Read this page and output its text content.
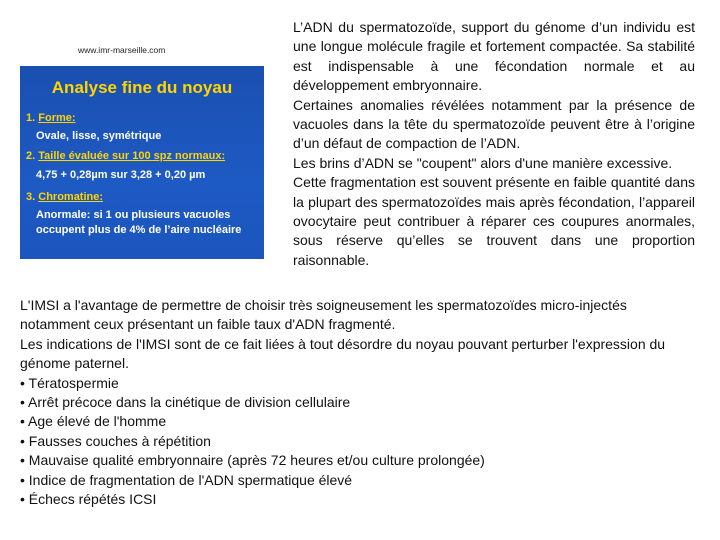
www.imr-marseille.com
Analyse fine du noyau
1. Forme:
Ovale, lisse, symétrique
2. Taille évaluée sur 100 spz normaux:
4,75 + 0,28µm sur 3,28 + 0,20 µm
3. Chromatine:
Anormale: si 1 ou plusieurs vacuoles
occupent plus de 4% de l’aire nucléaire

L’ADN du spermatozoïde, support du génome d’un individu est une longue molécule fragile et fortement compactée. Sa stabilité est indispensable à une fécondation normale et au développement embryonnaire.

Certaines anomalies révélées notamment par la présence de vacuoles dans la tête du spermatozoïde peuvent être à l’origine d’un défaut de compaction de l’ADN.

Les brins d’ADN se "coupent" alors d'une manière excessive.

Cette fragmentation est souvent présente en faible quantité dans la plupart des spermatozoïdes mais après fécondation, l’appareil ovocytaire peut contribuer à réparer ces coupures anormales, sous réserve qu’elles se trouvent dans une proportion raisonnable.

L'IMSI a l'avantage de permettre de choisir très soigneusement les spermatozoïdes micro-injectés notamment ceux présentant un faible taux d'ADN fragmenté.

Les indications de l'IMSI sont de ce fait liées à tout désordre du noyau pouvant perturber l'expression du génome paternel.

• Tératospermie
• Arrêt précoce dans la cinétique de division cellulaire
• Age élevé de l'homme
• Fausses couches à répétition
• Mauvaise qualité embryonnaire (après 72 heures et/ou culture prolongée)
• Indice de fragmentation de l'ADN spermatique élevé
• Échecs répétés ICSI
